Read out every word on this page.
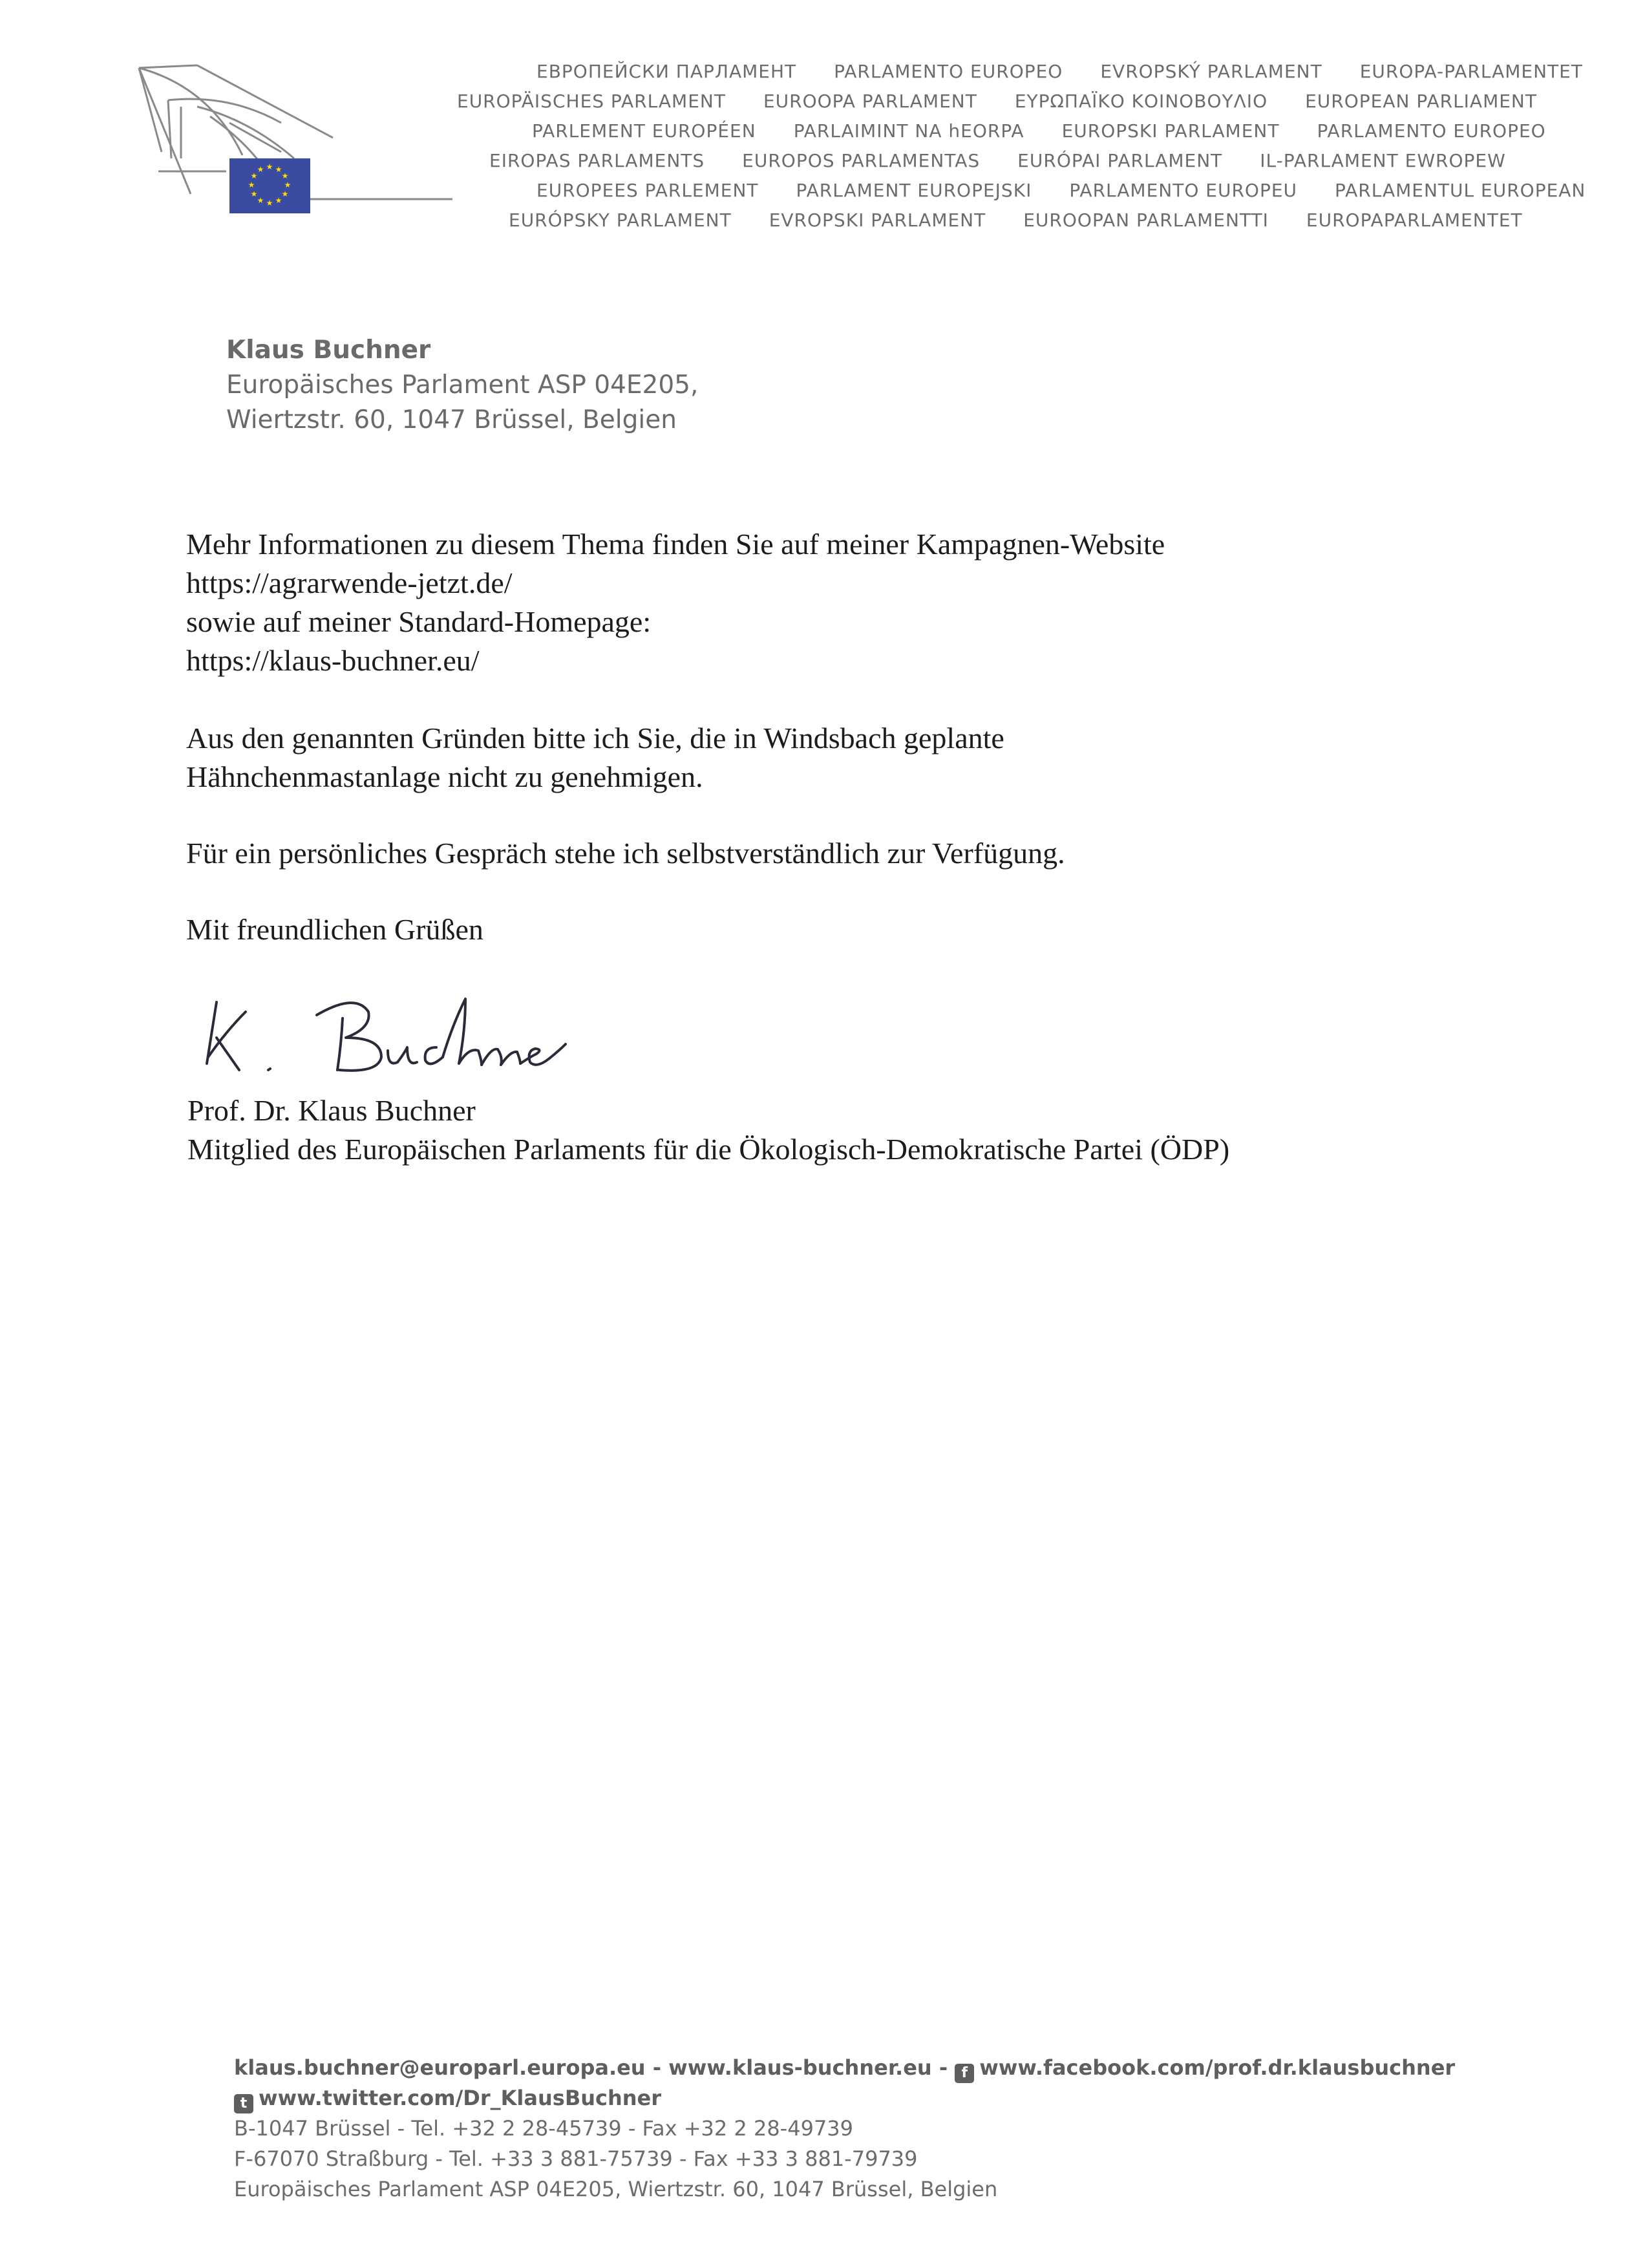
★ ★
★
★
★
★
★
★
★
★
★
★
ЕВРОПЕЙСКИ ПАРЛАМЕНТ PARLAMENTO EUROPEO EVROPSKÝ PARLAMENT EUROPA-PARLAMENTET
EUROPÄISCHES PARLAMENT EUROOPA PARLAMENT ΕΥΡΩΠΑΪΚΟ ΚΟΙΝΟΒΟΥΛΙΟ EUROPEAN PARLIAMENT
PARLEMENT EUROPÉEN PARLAIMINT NA hEORPA EUROPSKI PARLAMENT PARLAMENTO EUROPEO
EIROPAS PARLAMENTS EUROPOS PARLAMENTAS EURÓPAI PARLAMENT IL-PARLAMENT EWROPEW
EUROPEES PARLEMENT PARLAMENT EUROPEJSKI PARLAMENTO EUROPEU PARLAMENTUL EUROPEAN
EURÓPSKY PARLAMENT EVROPSKI PARLAMENT EUROOPAN PARLAMENTTI EUROPAPARLAMENTET
Klaus Buchner
Europäisches Parlament ASP 04E205,
Wiertzstr. 60, 1047 Brüssel, Belgien

Mehr Informationen zu diesem Thema finden Sie auf meiner Kampagnen-Website

https://agrarwende-jetzt.de/

sowie auf meiner Standard-Homepage:

https://klaus-buchner.eu/

Aus den genannten Gründen bitte ich Sie, die in Windsbach geplante

Hähnchenmastanlage nicht zu genehmigen.

Für ein persönliches Gespräch stehe ich selbstverständlich zur Verfügung.

Mit freundlichen Grüßen

Prof. Dr. Klaus Buchner
Mitglied des Europäischen Parlaments für die Ökologisch-Demokratische Partei (ÖDP)
klaus.buchner@europarl.europa.eu - www.klaus-buchner.eu - f www.facebook.com/prof.dr.klausbuchner
t www.twitter.com/Dr_KlausBuchner
B-1047 Brüssel - Tel. +32 2 28-45739 - Fax +32 2 28-49739
F-67070 Straßburg - Tel. +33 3 881-75739 - Fax +33 3 881-79739
Europäisches Parlament ASP 04E205, Wiertzstr. 60, 1047 Brüssel, Belgien
